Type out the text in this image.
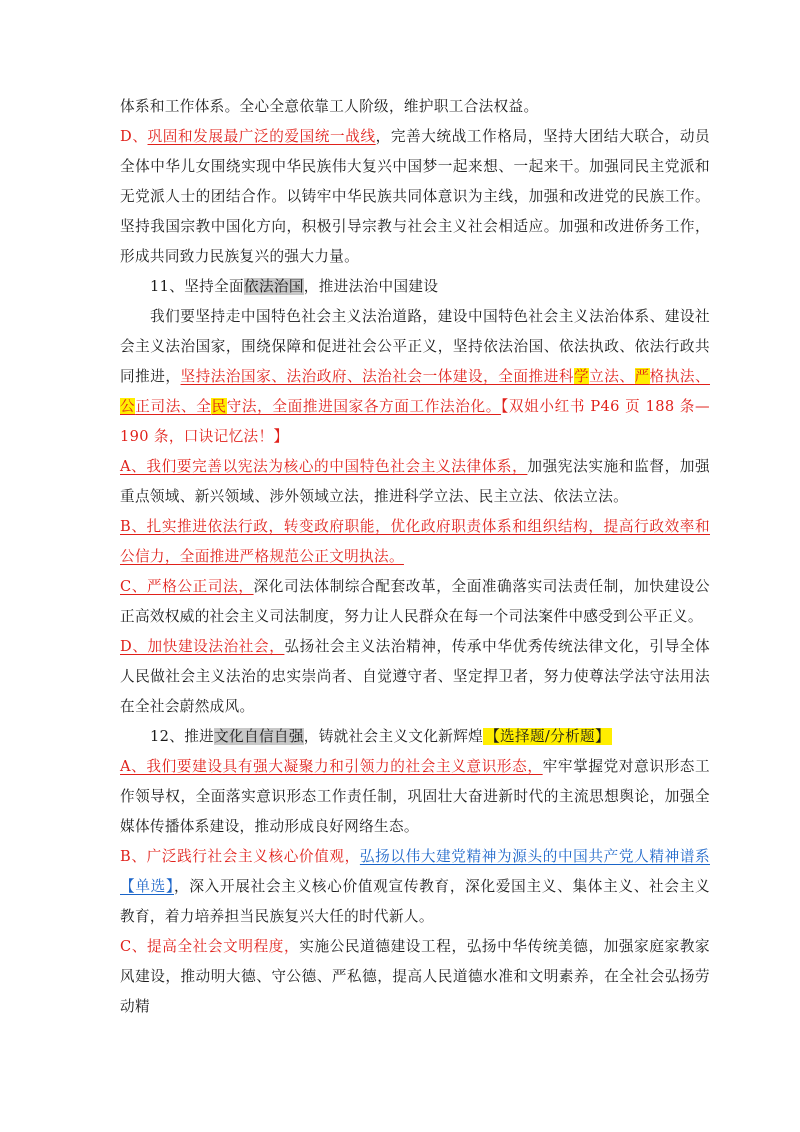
体系和工作体系。全心全意依靠工人阶级，维护职工合法权益。

D、巩固和发展最广泛的爱国统一战线，完善大统战工作格局，坚持大团结大联合，动员全体中华儿女围绕实现中华民族伟大复兴中国梦一起来想、一起来干。加强同民主党派和无党派人士的团结合作。以铸牢中华民族共同体意识为主线，加强和改进党的民族工作。坚持我国宗教中国化方向，积极引导宗教与社会主义社会相适应。加强和改进侨务工作，形成共同致力民族复兴的强大力量。

11、坚持全面依法治国，推进法治中国建设

我们要坚持走中国特色社会主义法治道路，建设中国特色社会主义法治体系、建设社会主义法治国家，围绕保障和促进社会公平正义，坚持依法治国、依法执政、依法行政共同推进，坚持法治国家、法治政府、法治社会一体建设，全面推进科学立法、严格执法、公正司法、全民守法，全面推进国家各方面工作法治化。【双姐小红书 P46 页 188 条—190 条，口诀记忆法！】

A、我们要完善以宪法为核心的中国特色社会主义法律体系，加强宪法实施和监督，加强重点领域、新兴领域、涉外领域立法，推进科学立法、民主立法、依法立法。

B、扎实推进依法行政，转变政府职能，优化政府职责体系和组织结构，提高行政效率和公信力，全面推进严格规范公正文明执法。

C、严格公正司法，深化司法体制综合配套改革，全面准确落实司法责任制，加快建设公正高效权威的社会主义司法制度，努力让人民群众在每一个司法案件中感受到公平正义。

D、加快建设法治社会，弘扬社会主义法治精神，传承中华优秀传统法律文化，引导全体人民做社会主义法治的忠实崇尚者、自觉遵守者、坚定捍卫者，努力使尊法学法守法用法在全社会蔚然成风。

12、推进文化自信自强，铸就社会主义文化新辉煌 【选择题/分析题】

A、我们要建设具有强大凝聚力和引领力的社会主义意识形态，牢牢掌握党对意识形态工作领导权，全面落实意识形态工作责任制，巩固壮大奋进新时代的主流思想舆论，加强全媒体传播体系建设，推动形成良好网络生态。

B、广泛践行社会主义核心价值观，弘扬以伟大建党精神为源头的中国共产党人精神谱系【单选】，深入开展社会主义核心价值观宣传教育，深化爱国主义、集体主义、社会主义教育，着力培养担当民族复兴大任的时代新人。

C、提高全社会文明程度，实施公民道德建设工程，弘扬中华传统美德，加强家庭家教家风建设，推动明大德、守公德、严私德，提高人民道德水准和文明素养，在全社会弘扬劳动精
